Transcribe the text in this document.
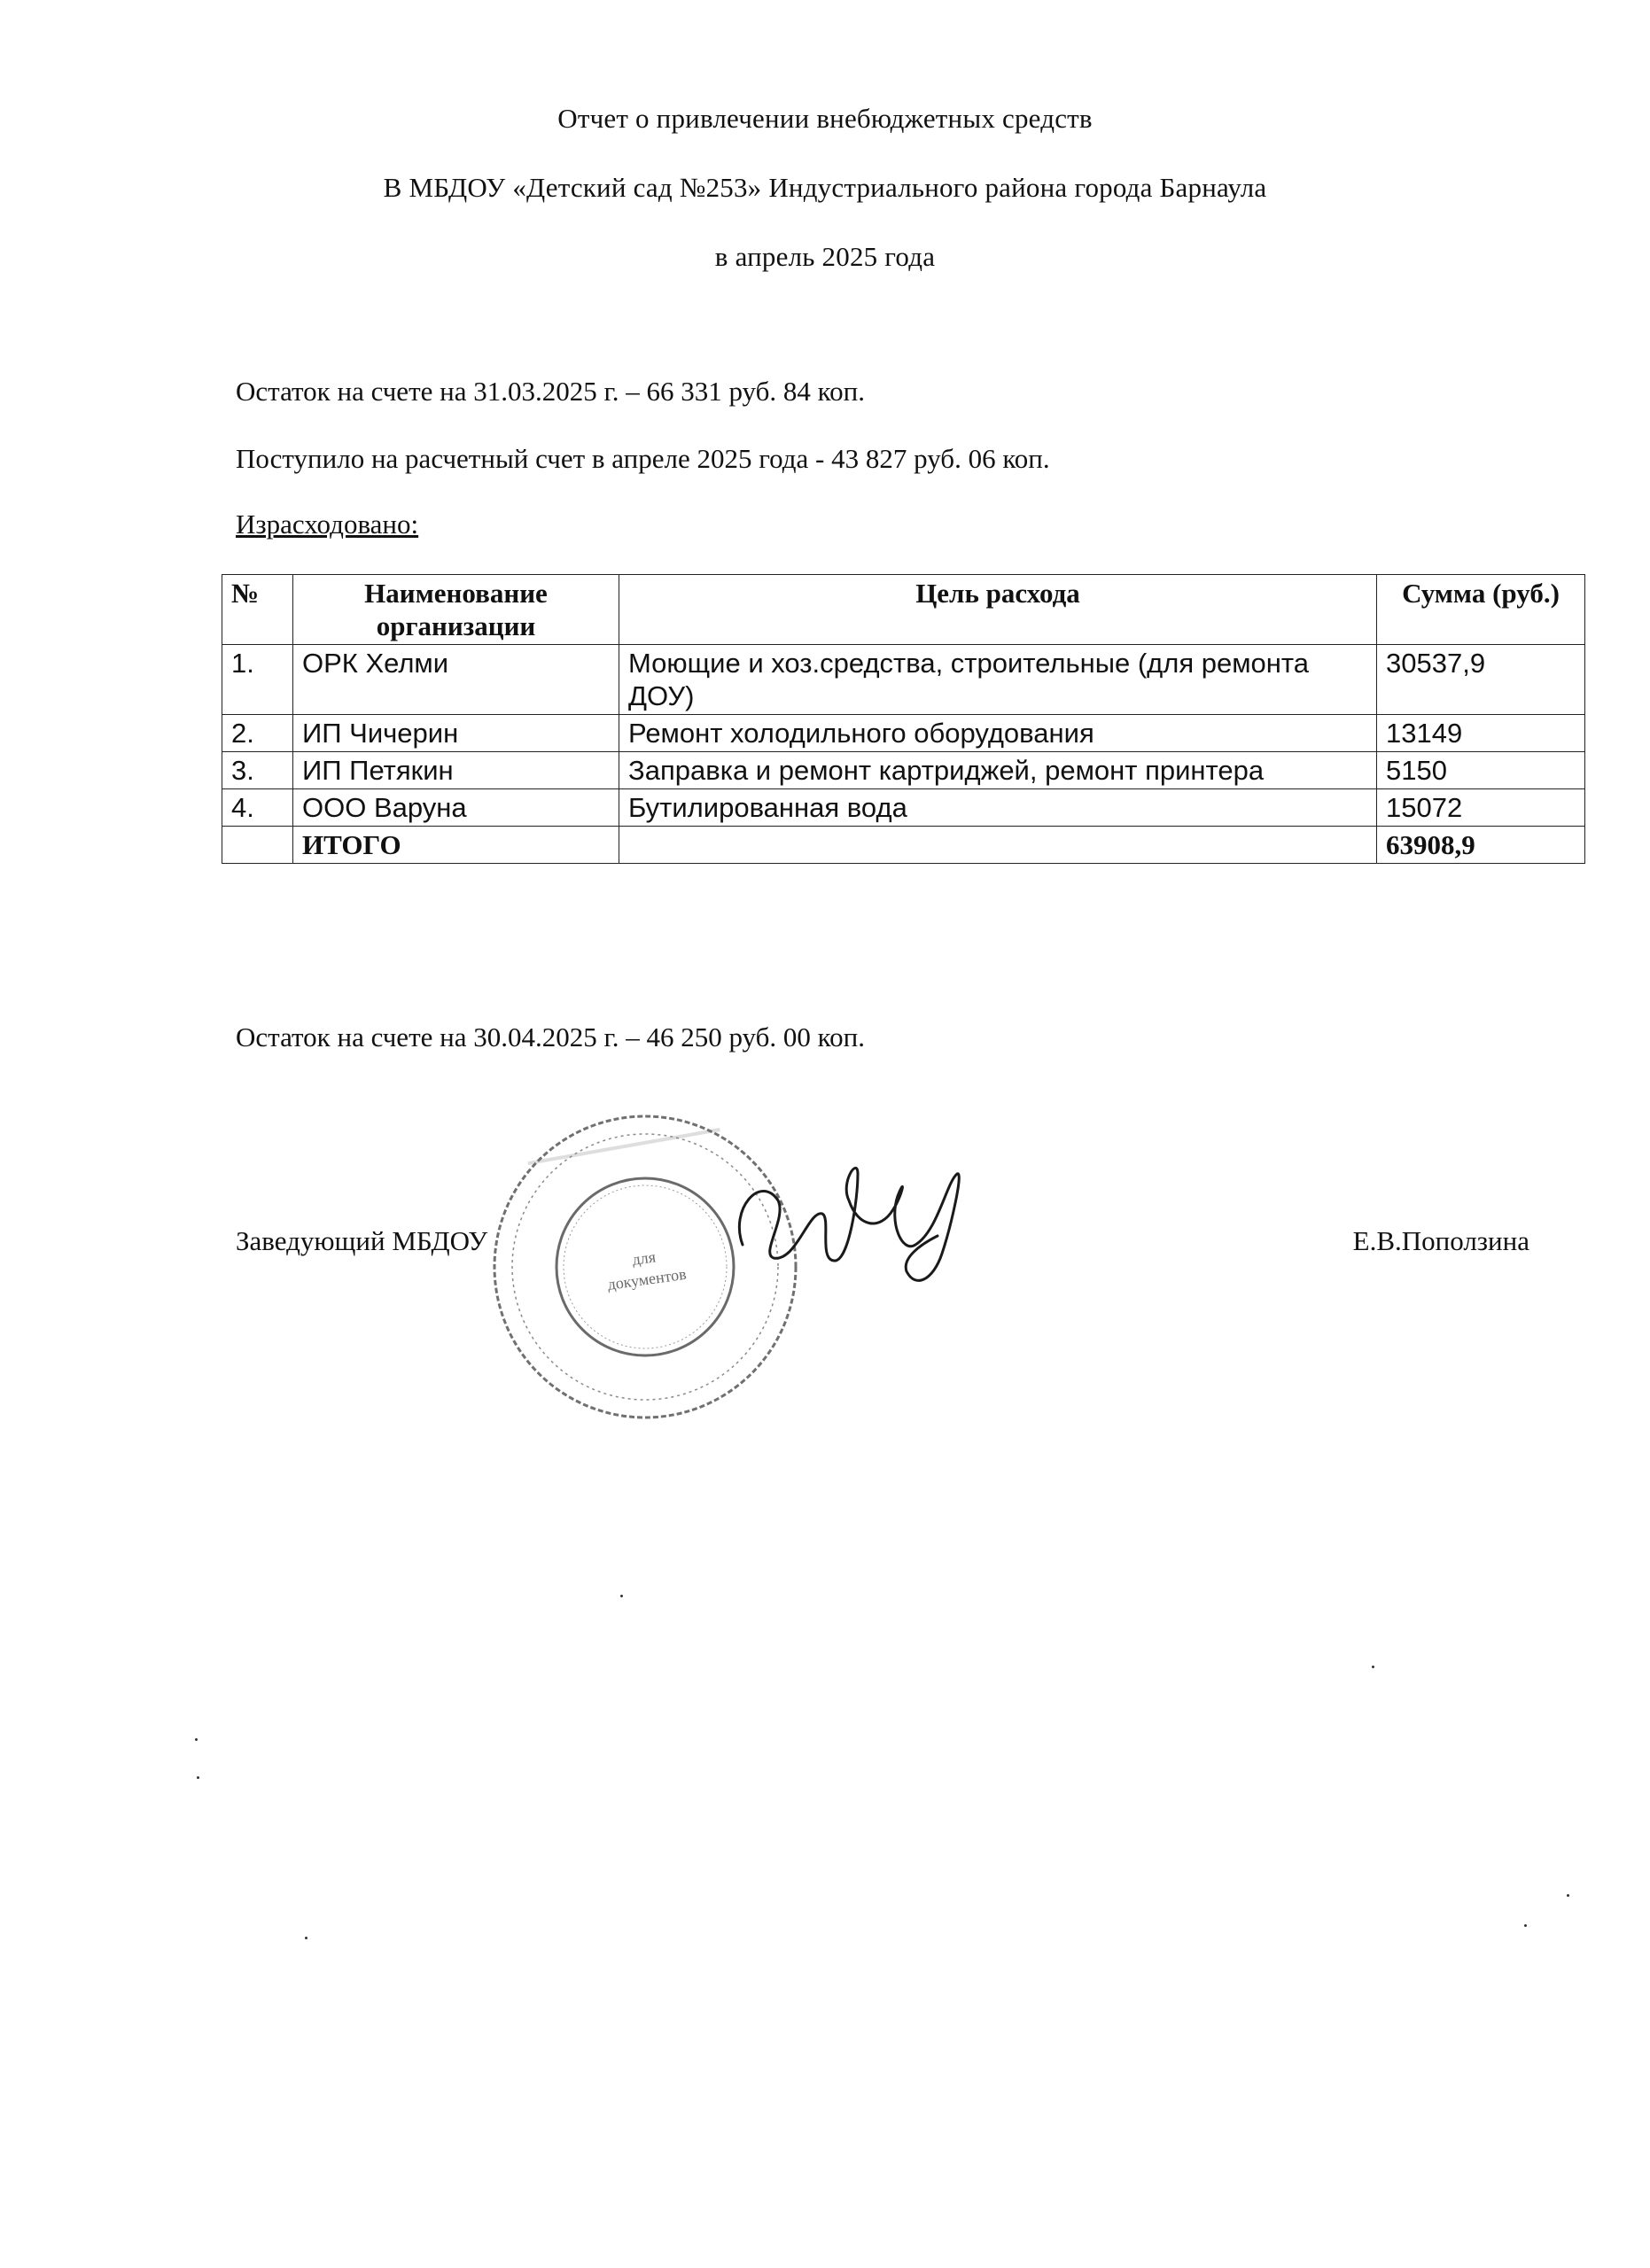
Отчет о привлечении внебюджетных средств
В МБДОУ «Детский сад №253» Индустриального района города Барнаула
в апрель 2025 года
Остаток на счете на 31.03.2025 г. – 66 331 руб. 84 коп.
Поступило на расчетный счет в апреле 2025 года - 43 827 руб. 06 коп.
Израсходовано:
№	Наименование организации	Цель расхода	Сумма (руб.)
1.	ОРК Хелми	Моющие и хоз.средства, строительные (для ремонта ДОУ)	30537,9
2.	ИП Чичерин	Ремонт холодильного оборудования	13149
3.	ИП Петякин	Заправка и ремонт картриджей, ремонт принтера	5150
4.	ООО Варуна	Бутилированная вода	15072
	ИТОГО		63908,9
Остаток на счете на 30.04.2025 г. – 46 250 руб. 00 коп.
для
документов
Заведующий МБДОУ	Е.В.Поползина
